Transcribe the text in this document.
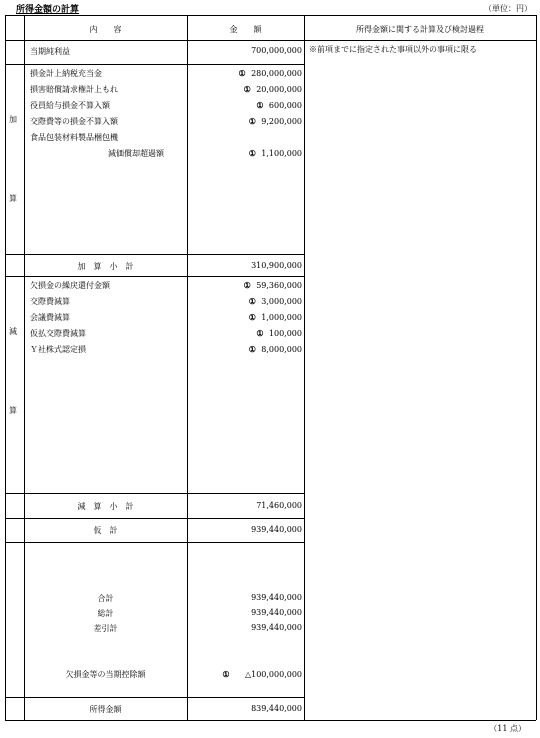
所得金額の計算	（単位：円）
内　　容	金　　額	所得金額に関する計算及び検討過程
当期純利益	700,000,000 ※前項までに指定された事項以外の事項に限る
加
算
損金計上納税充当金	① 280,000,000
損害賠償請求権計上もれ	① 20,000,000
役員給与損金不算入額	① 600,000
交際費等の損金不算入額	① 9,200,000
食品包装材料製品梱包機
減価償却超過額	① 1,100,000
加　算　小　計	310,900,000
減
算
欠損金の繰戻還付金額	① 59,360,000
交際費減算	① 3,000,000
会議費減算	① 1,000,000
仮払交際費減算	① 100,000
Ｙ社株式認定損	① 8,000,000
減　算　小　計	71,460,000
仮　計	939,440,000
合計	939,440,000
総計	939,440,000
差引計	939,440,000
欠損金等の当期控除額	① △100,000,000
所得金額	839,440,000
（11 点）
